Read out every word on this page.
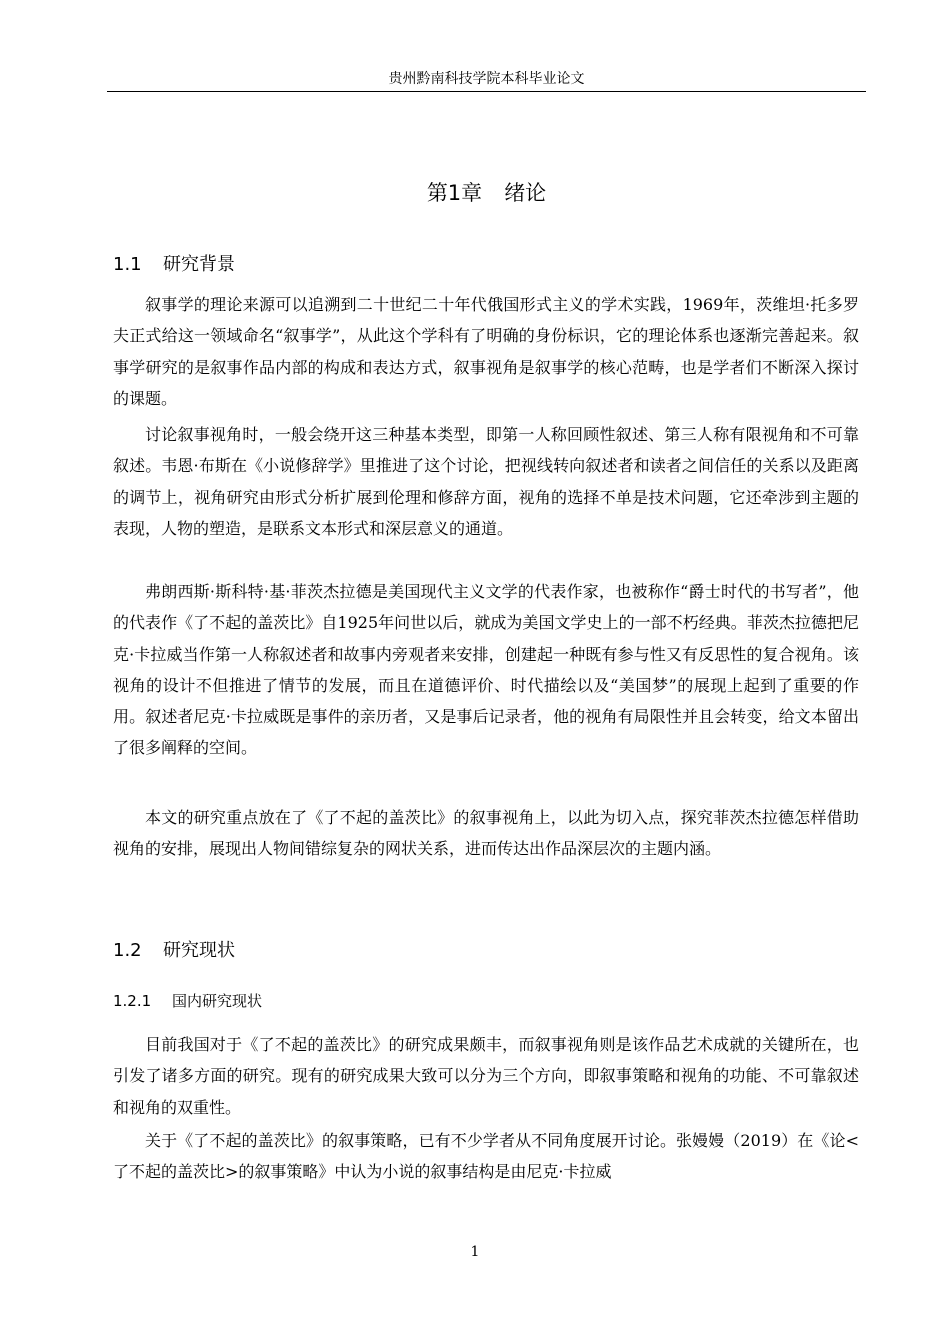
贵州黔南科技学院本科毕业论文
第1章 绪论
1.1 研究背景

叙事学的理论来源可以追溯到二十世纪二十年代俄国形式主义的学术实践，1969年，茨维坦·托多罗夫正式给这一领域命名“叙事学”，从此这个学科有了明确的身份标识，它的理论体系也逐渐完善起来。叙事学研究的是叙事作品内部的构成和表达方式，叙事视角是叙事学的核心范畴，也是学者们不断深入探讨的课题。

讨论叙事视角时，一般会绕开这三种基本类型，即第一人称回顾性叙述、第三人称有限视角和不可靠叙述。韦恩·布斯在《小说修辞学》里推进了这个讨论，把视线转向叙述者和读者之间信任的关系以及距离的调节上，视角研究由形式分析扩展到伦理和修辞方面，视角的选择不单是技术问题，它还牵涉到主题的表现，人物的塑造，是联系文本形式和深层意义的通道。

弗朗西斯·斯科特·基·菲茨杰拉德是美国现代主义文学的代表作家，也被称作“爵士时代的书写者”，他的代表作《了不起的盖茨比》自1925年问世以后，就成为美国文学史上的一部不朽经典。菲茨杰拉德把尼克·卡拉威当作第一人称叙述者和故事内旁观者来安排，创建起一种既有参与性又有反思性的复合视角。该视角的设计不但推进了情节的发展，而且在道德评价、时代描绘以及“美国梦”的展现上起到了重要的作用。叙述者尼克·卡拉威既是事件的亲历者，又是事后记录者，他的视角有局限性并且会转变，给文本留出了很多阐释的空间。

本文的研究重点放在了《了不起的盖茨比》的叙事视角上，以此为切入点，探究菲茨杰拉德怎样借助视角的安排，展现出人物间错综复杂的网状关系，进而传达出作品深层次的主题内涵。

1.2 研究现状
1.2.1 国内研究现状

目前我国对于《了不起的盖茨比》的研究成果颇丰，而叙事视角则是该作品艺术成就的关键所在，也引发了诸多方面的研究。现有的研究成果大致可以分为三个方向，即叙事策略和视角的功能、不可靠叙述和视角的双重性。

关于《了不起的盖茨比》的叙事策略，已有不少学者从不同角度展开讨论。张嫚嫚（2019）在《论<了不起的盖茨比>的叙事策略》中认为小说的叙事结构是由尼克·卡拉威

1
